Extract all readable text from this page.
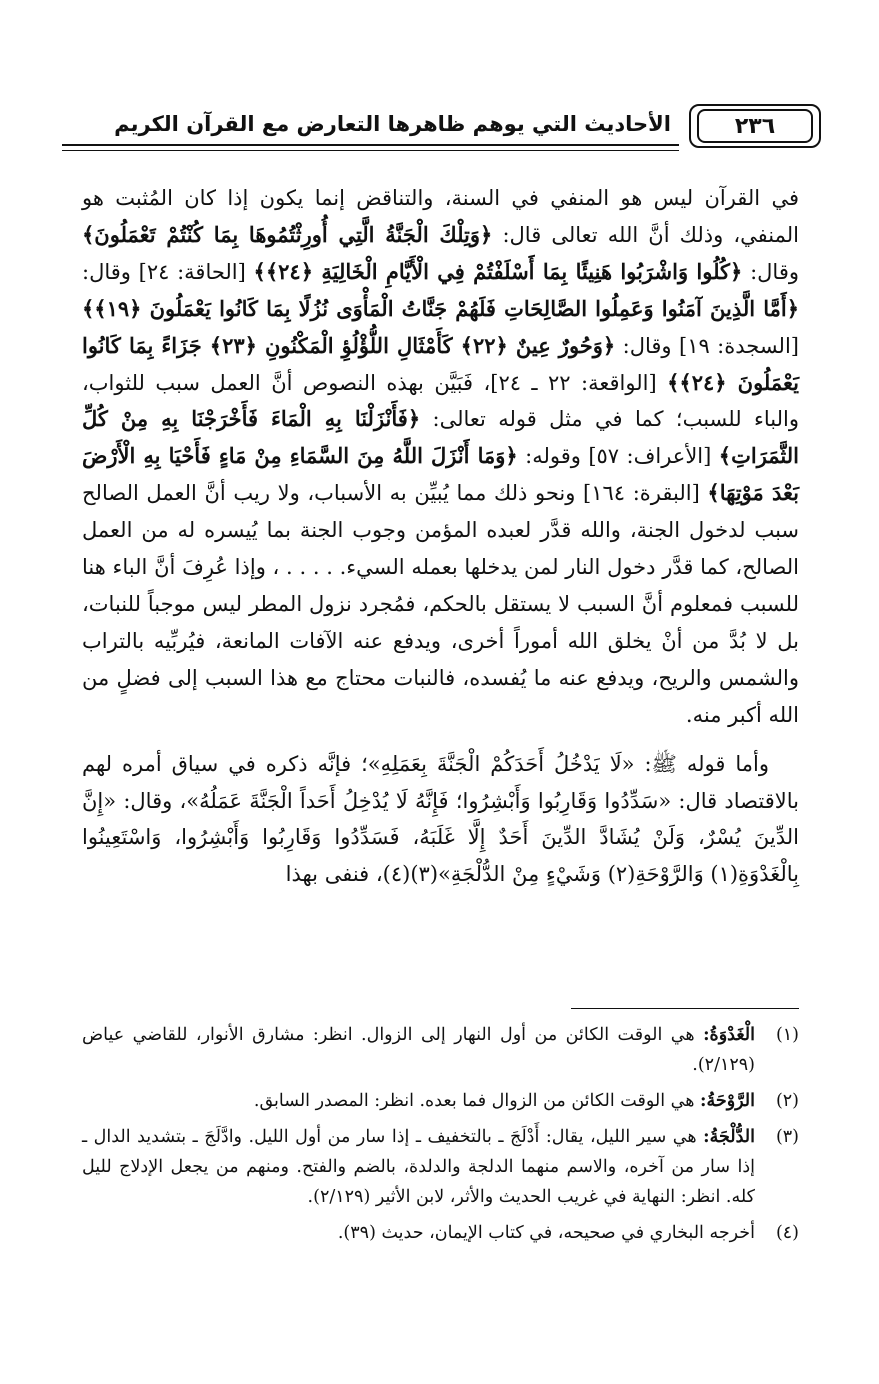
٢٣٦
الأحاديث التي يوهم ظاهرها التعارض مع القرآن الكريم

في القرآن ليس هو المنفي في السنة، والتناقض إنما يكون إذا كان المُثبت هو المنفي، وذلك أنَّ الله تعالى قال: ﴿وَتِلْكَ الْجَنَّةُ الَّتِي أُورِثْتُمُوهَا بِمَا كُنْتُمْ تَعْمَلُونَ﴾ وقال: ﴿كُلُوا وَاشْرَبُوا هَنِيئًا بِمَا أَسْلَفْتُمْ فِي الْأَيَّامِ الْخَالِيَةِ ﴿٢٤﴾﴾ [الحاقة: ٢٤] وقال: ﴿أَمَّا الَّذِينَ آمَنُوا وَعَمِلُوا الصَّالِحَاتِ فَلَهُمْ جَنَّاتُ الْمَأْوَى نُزُلًا بِمَا كَانُوا يَعْمَلُونَ ﴿١٩﴾﴾ [السجدة: ١٩] وقال: ﴿وَحُورٌ عِينٌ ﴿٢٢﴾ كَأَمْثَالِ اللُّؤْلُؤِ الْمَكْنُونِ ﴿٢٣﴾ جَزَاءً بِمَا كَانُوا يَعْمَلُونَ ﴿٢٤﴾﴾ [الواقعة: ٢٢ ـ ٢٤]، فَبَيَّن بهذه النصوص أنَّ العمل سبب للثواب، والباء للسبب؛ كما في مثل قوله تعالى: ﴿فَأَنْزَلْنَا بِهِ الْمَاءَ فَأَخْرَجْنَا بِهِ مِنْ كُلِّ الثَّمَرَاتِ﴾ [الأعراف: ٥٧] وقوله: ﴿وَمَا أَنْزَلَ اللَّهُ مِنَ السَّمَاءِ مِنْ مَاءٍ فَأَحْيَا بِهِ الْأَرْضَ بَعْدَ مَوْتِهَا﴾ [البقرة: ١٦٤] ونحو ذلك مما يُبيِّن به الأسباب، ولا ريب أنَّ العمل الصالح سبب لدخول الجنة، والله قدَّر لعبده المؤمن وجوب الجنة بما يُيسره له من العمل الصالح، كما قدَّر دخول النار لمن يدخلها بعمله السيء. . . . . ، وإذا عُرِفَ أنَّ الباء هنا للسبب فمعلوم أنَّ السبب لا يستقل بالحكم، فمُجرد نزول المطر ليس موجباً للنبات، بل لا بُدَّ من أنْ يخلق الله أموراً أخرى، ويدفع عنه الآفات المانعة، فيُربِّيه بالتراب والشمس والريح، ويدفع عنه ما يُفسده، فالنبات محتاج مع هذا السبب إلى فضلٍ من الله أكبر منه.

وأما قوله ﷺ: «لَا يَدْخُلُ أَحَدَكُمْ الْجَنَّةَ بِعَمَلِهِ»؛ فإنَّه ذكره في سياق أمره لهم بالاقتصاد قال: «سَدِّدُوا وَقَارِبُوا وَأَبْشِرُوا؛ فَإِنَّهُ لَا يُدْخِلُ أَحَداً الْجَنَّةَ عَمَلُهُ»، وقال: «إِنَّ الدِّينَ يُسْرٌ، وَلَنْ يُشَادَّ الدِّينَ أَحَدٌ إِلَّا غَلَبَهُ، فَسَدِّدُوا وَقَارِبُوا وَأَبْشِرُوا، وَاسْتَعِينُوا بِالْغَدْوَةِ(١) وَالرَّوْحَةِ(٢) وَشَيْءٍ مِنْ الدُّلْجَةِ»(٣)(٤)، فنفى بهذا

(١)
الْغَدْوَةُ: هي الوقت الكائن من أول النهار إلى الزوال. انظر: مشارق الأنوار، للقاضي عياض (٢/١٢٩).
(٢)
الرَّوْحَةُ: هي الوقت الكائن من الزوال فما بعده. انظر: المصدر السابق.
(٣)
الدُّلْجَةُ: هي سير الليل، يقال: أَدْلَجَ ـ بالتخفيف ـ إذا سار من أول الليل. وادَّلَجَ ـ بتشديد الدال ـ إذا سار من آخره، والاسم منهما الدلجة والدلدة، بالضم والفتح. ومنهم من يجعل الإدلاج لليل كله. انظر: النهاية في غريب الحديث والأثر، لابن الأثير (٢/١٢٩).
(٤)
أخرجه البخاري في صحيحه، في كتاب الإيمان، حديث (٣٩).
